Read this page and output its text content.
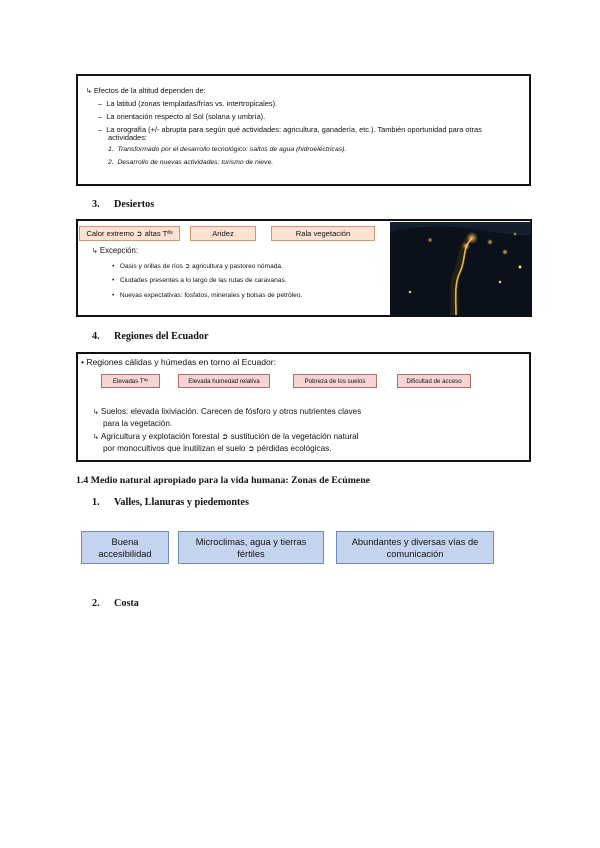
↳ Efectos de la altitud dependen de:
–  La latitud (zonas templadas/frías vs. intertropicales).
–  La orientación respecto al Sol (solana y umbría).
–  La orografía (+/- abrupta para según qué actividades: agricultura, ganadería, etc.). También oportunidad para otras
actividades:
1.  Transformado por el desarrollo tecnológico: saltos de agua (hidroeléctricas).
2.  Desarrollo de nuevas actividades: turismo de nieve.
3. Desiertos
Calor extremo ➲ altas Tªˢ	Aridez	Rala vegetación
↳ Excepción:
• Oasis y orillas de ríos ➲ agricultura y pastoreo nómada.
• Ciudades presentes a lo largo de las rutas de caravanas.
• Nuevas expectativas: fosfatos, minerales y bolsas de petróleo.
4. Regiones del Ecuador
• Regiones cálidas y húmedas en torno al Ecuador:
Elevadas Tªˢ	Elevada humedad relativa	Pobreza de los suelos	Dificultad de acceso
↳ Suelos: elevada lixiviación. Carecen de fósforo y otros nutrientes claves
para la vegetación.
↳ Agricultura y explotación forestal ➲ sustitución de la vegetación natural
por monocultivos que inutilizan el suelo ➲ pérdidas ecológicas.
1.4 Medio natural apropiado para la vida humana: Zonas de Ecúmene
1. Valles, Llanuras y piedemontes
Buena
accesibilidad
Microclimas, agua y tierras
fértiles
Abundantes y diversas vías de
comunicación
2. Costa
